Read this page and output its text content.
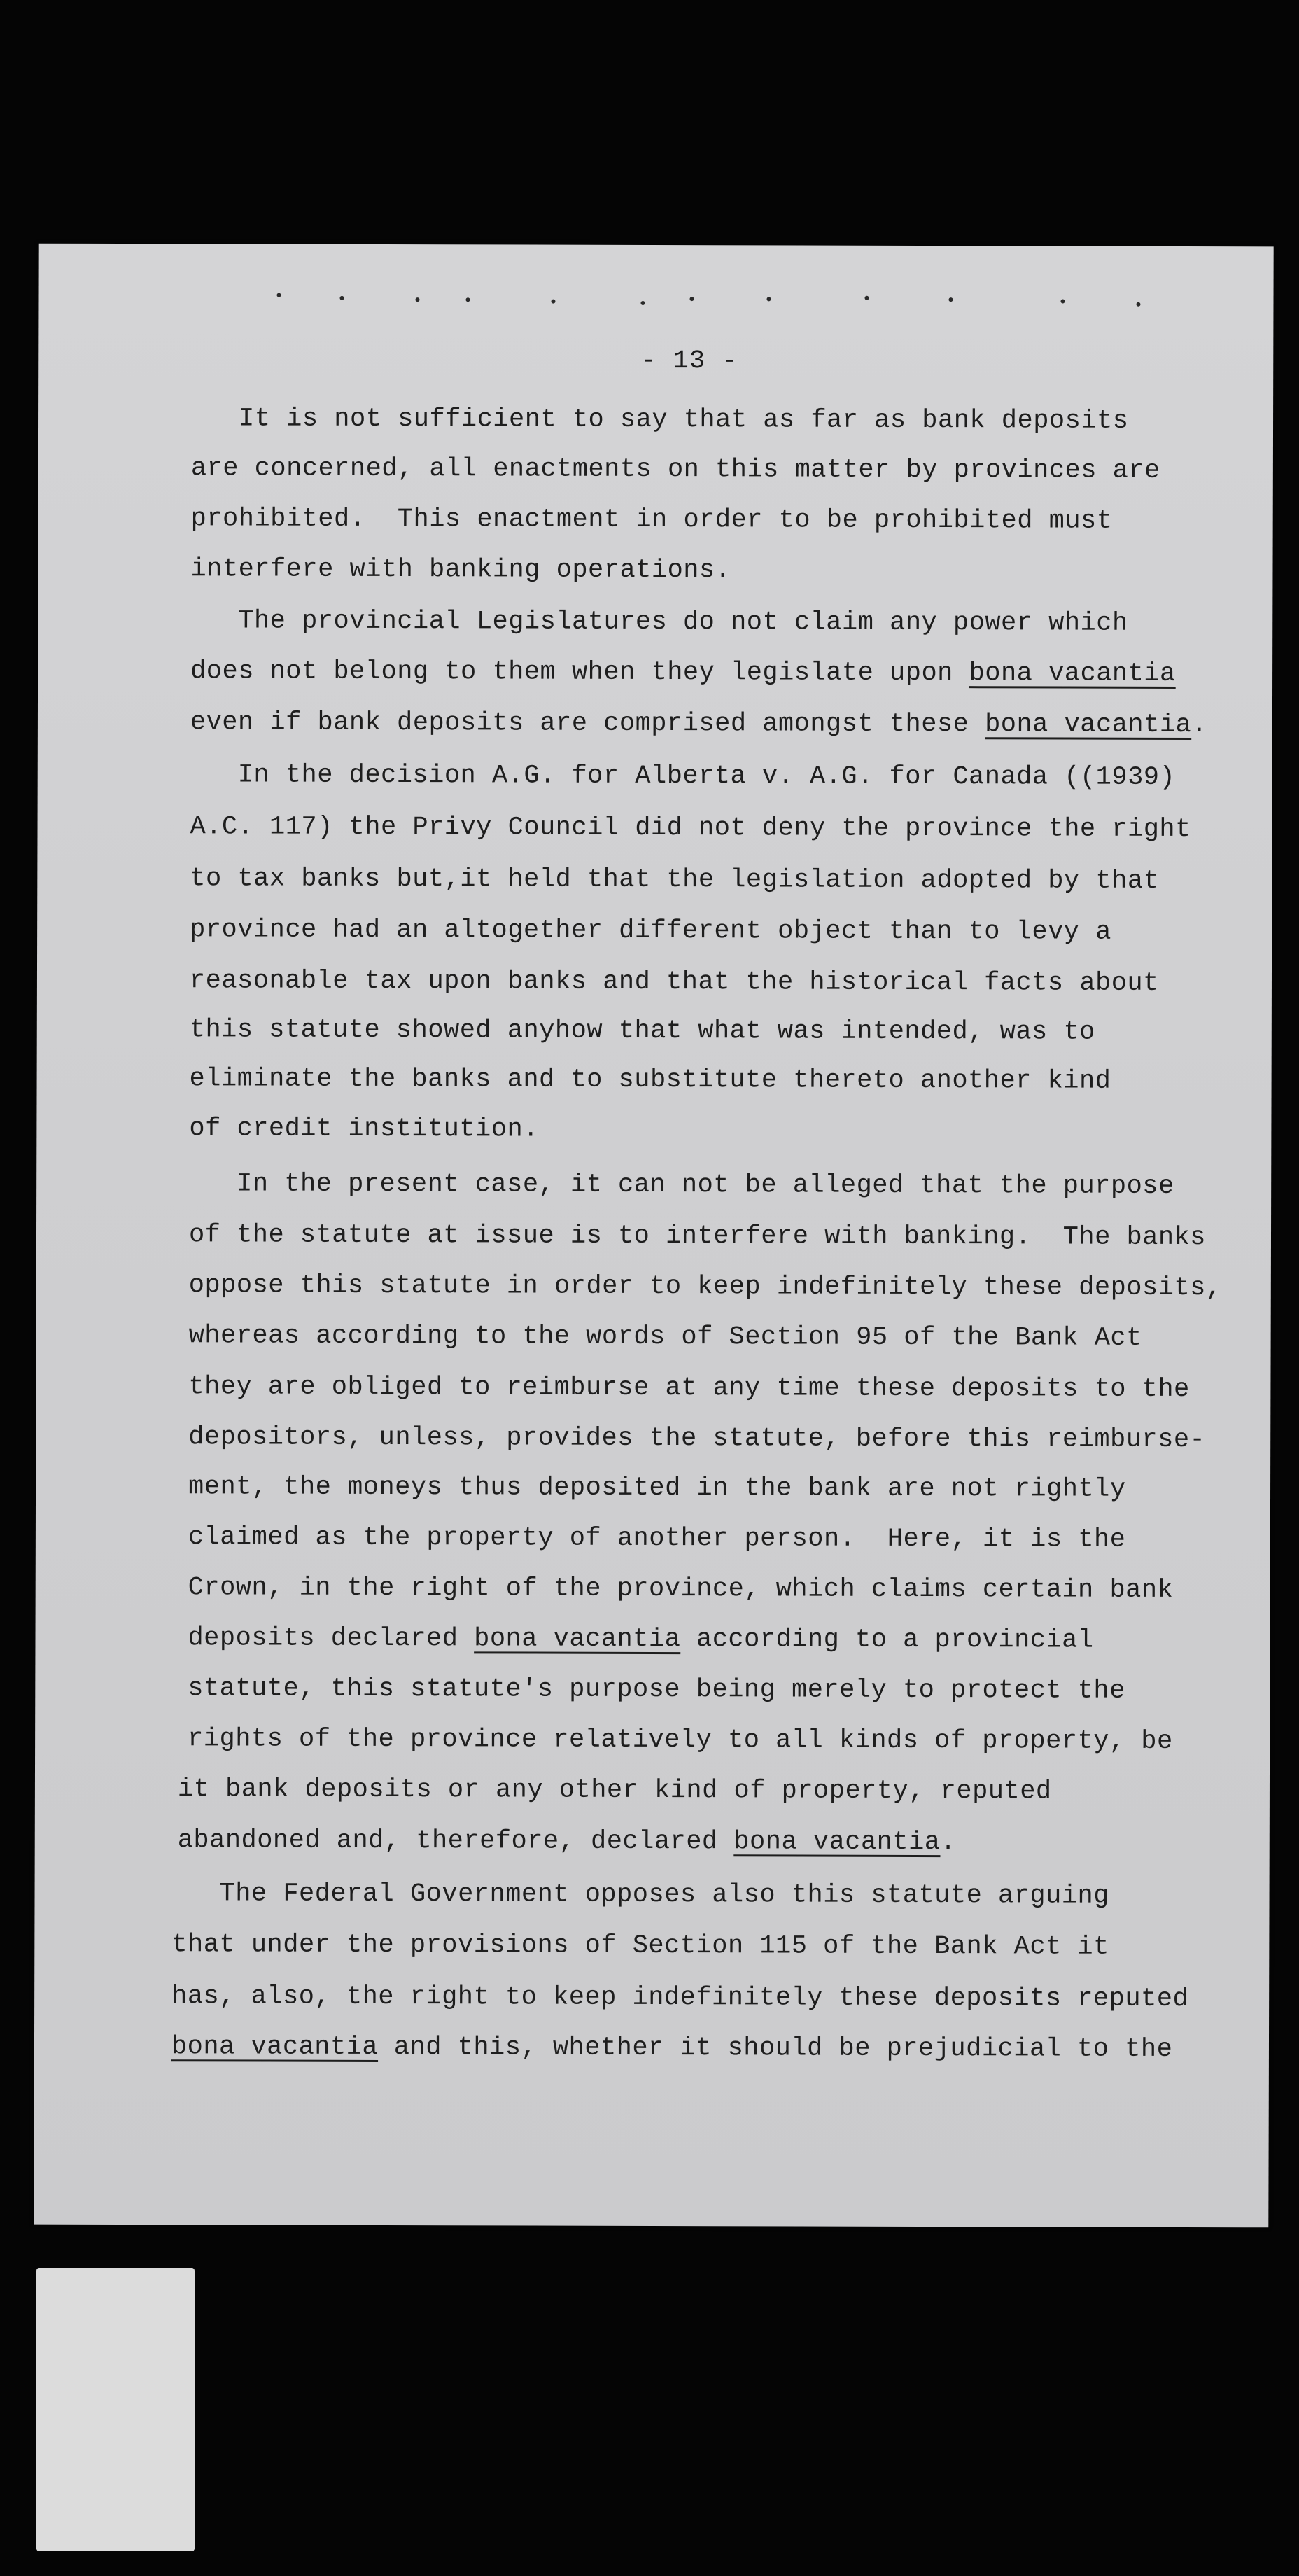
- 13 -
It is not sufficient to say that as far as bank deposits
are concerned, all enactments on this matter by provinces are
prohibited.  This enactment in order to be prohibited must
interfere with banking operations.
The provincial Legislatures do not claim any power which
does not belong to them when they legislate upon bona vacantia
even if bank deposits are comprised amongst these bona vacantia.
In the decision A.G. for Alberta v. A.G. for Canada ((1939)
A.C. 117) the Privy Council did not deny the province the right
to tax banks but,it held that the legislation adopted by that
province had an altogether different object than to levy a
reasonable tax upon banks and that the historical facts about
this statute showed anyhow that what was intended, was to
eliminate the banks and to substitute thereto another kind
of credit institution.
In the present case, it can not be alleged that the purpose
of the statute at issue is to interfere with banking.  The banks
oppose this statute in order to keep indefinitely these deposits,
whereas according to the words of Section 95 of the Bank Act
they are obliged to reimburse at any time these deposits to the
depositors, unless, provides the statute, before this reimburse-
ment, the moneys thus deposited in the bank are not rightly
claimed as the property of another person.  Here, it is the
Crown, in the right of the province, which claims certain bank
deposits declared bona vacantia according to a provincial
statute, this statute's purpose being merely to protect the
rights of the province relatively to all kinds of property, be
it bank deposits or any other kind of property, reputed
abandoned and, therefore, declared bona vacantia.
The Federal Government opposes also this statute arguing
that under the provisions of Section 115 of the Bank Act it
has, also, the right to keep indefinitely these deposits reputed
bona vacantia and this, whether it should be prejudicial to the
